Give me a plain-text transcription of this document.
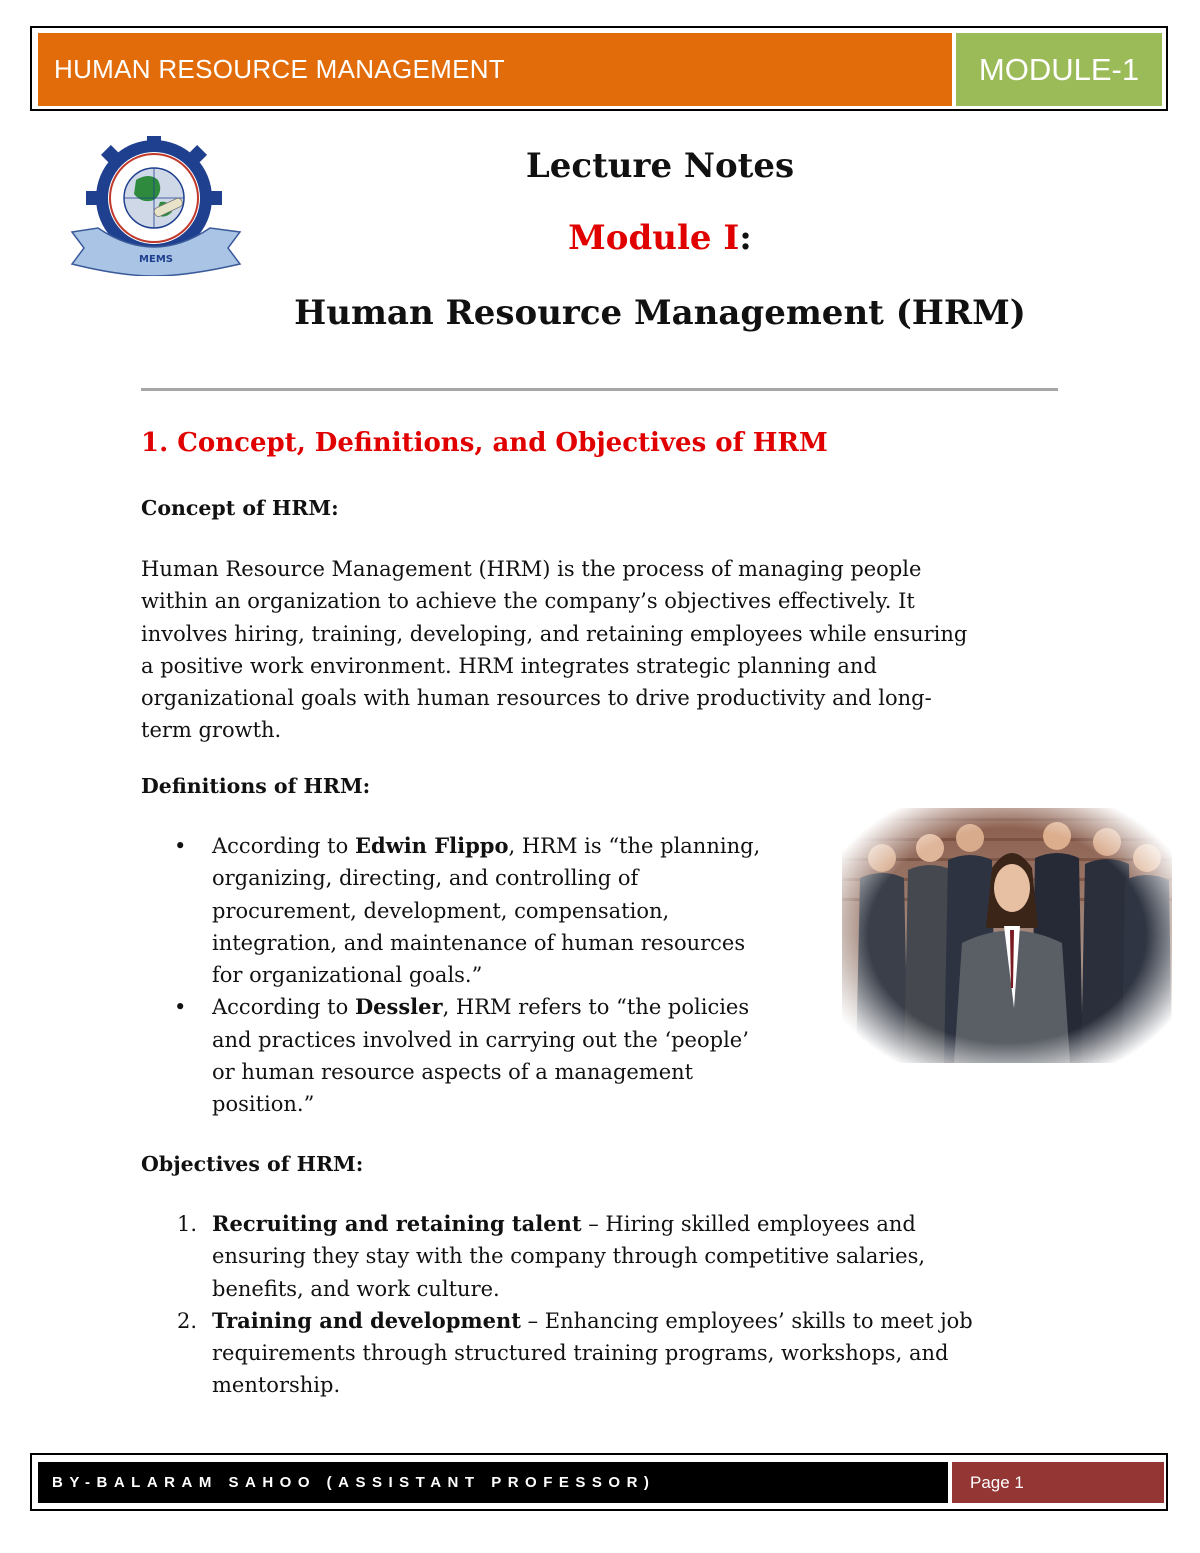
HUMAN RESOURCE MANAGEMENT	MODULE-1
MEMS
Lecture Notes
Module I:
Human Resource Management (HRM)
1. Concept, Definitions, and Objectives of HRM
Concept of HRM:

Human Resource Management (HRM) is the process of managing people
within an organization to achieve the company’s objectives effectively. It
involves hiring, training, developing, and retaining employees while ensuring
a positive work environment. HRM integrates strategic planning and
organizational goals with human resources to drive productivity and long-
term growth.

Definitions of HRM:
• According to Edwin Flippo, HRM is “the planning,
organizing, directing, and controlling of
procurement, development, compensation,
integration, and maintenance of human resources
for organizational goals.”
• According to Dessler, HRM refers to “the policies
and practices involved in carrying out the ‘people’
or human resource aspects of a management
position.”
Objectives of HRM:
1. Recruiting and retaining talent – Hiring skilled employees and
ensuring they stay with the company through competitive salaries,
benefits, and work culture.
2. Training and development – Enhancing employees’ skills to meet job
requirements through structured training programs, workshops, and
mentorship.
BY-BALARAM SAHOO (ASSISTANT PROFESSOR)	Page 1
